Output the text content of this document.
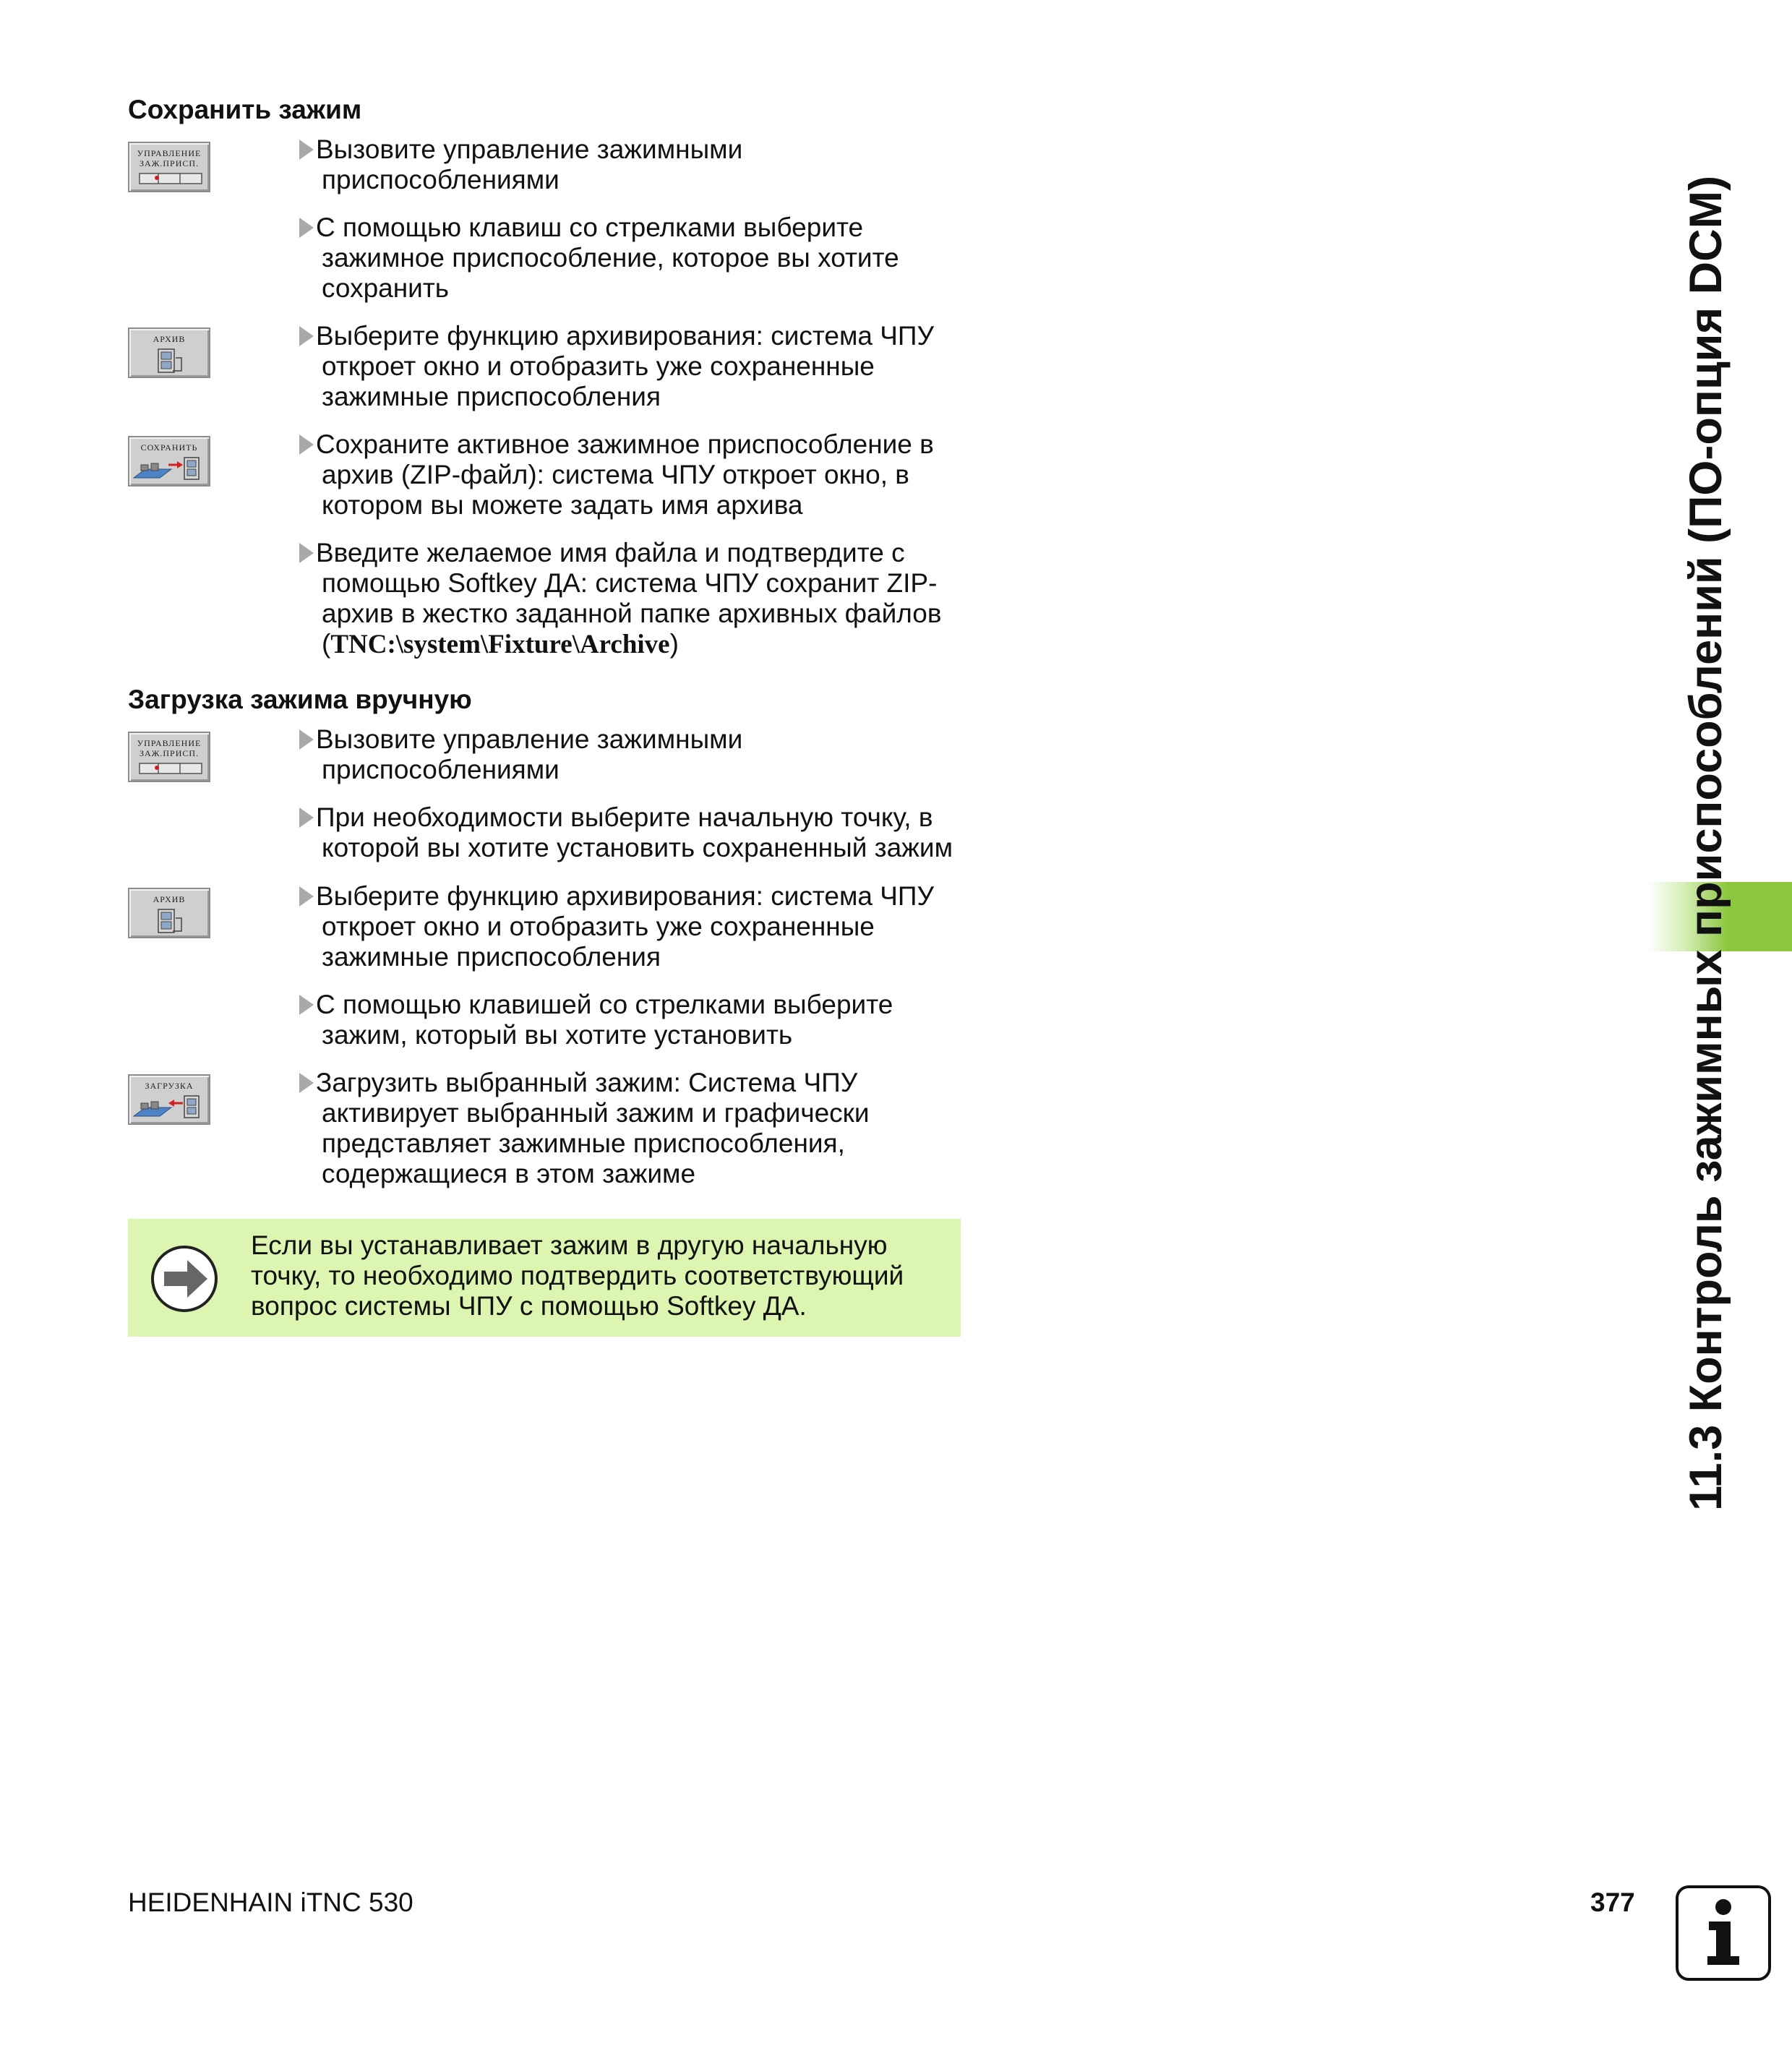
Сохранить зажим
УПРАВЛЕНИЕ
ЗАЖ.ПРИСП.	Вызовите управление зажимными
приспособлениями
С помощью клавиш со стрелками выберите
зажимное приспособление, которое вы хотите
сохранить
АРХИВ	Выберите функцию архивирования: система ЧПУ
откроет окно и отобразить уже сохраненные
зажимные приспособления
СОХРАНИТЬ	Сохраните активное зажимное приспособление в
архив (ZIP-файл): система ЧПУ откроет окно, в
котором вы можете задать имя архива
Введите желаемое имя файла и подтвердите с
помощью Softkey ДА: система ЧПУ сохранит ZIP-
архив в жестко заданной папке архивных файлов
(TNC:\system\Fixture\Archive)
Загрузка зажима вручную
УПРАВЛЕНИЕ
ЗАЖ.ПРИСП.	Вызовите управление зажимными
приспособлениями
При необходимости выберите начальную точку, в
которой вы хотите установить сохраненный зажим
АРХИВ	Выберите функцию архивирования: система ЧПУ
откроет окно и отобразить уже сохраненные
зажимные приспособления
С помощью клавишей со стрелками выберите
зажим, который вы хотите установить
ЗАГРУЗКА	Загрузить выбранный зажим: Система ЧПУ
активирует выбранный зажим и графически
представляет зажимные приспособления,
содержащиеся в этом зажиме
Если вы устанавливает зажим в другую начальную
точку, то необходимо подтвердить соответствующий
вопрос системы ЧПУ с помощью Softkey ДА.	11.3 Контроль зажимных приспособлений (ПО-опция DCM)
HEIDENHAIN iTNC 530	377
